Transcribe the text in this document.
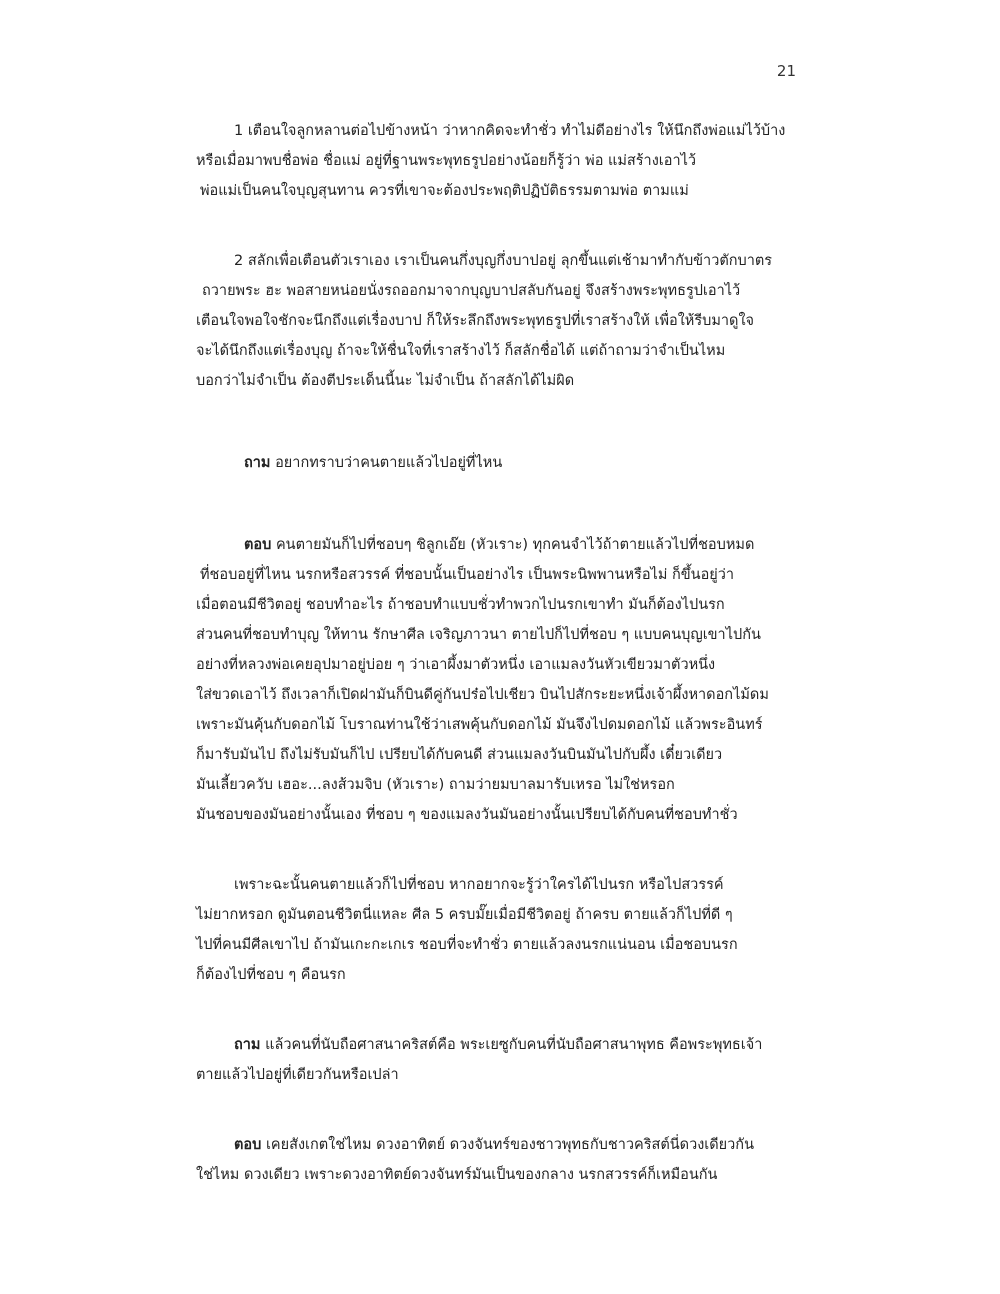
21
1 เตือนใจลูกหลานต่อไปข้างหน้า ว่าหากคิดจะทำชั่ว ทำไม่ดีอย่างไร ให้นึกถึงพ่อแม่ไว้บ้าง
หรือเมื่อมาพบชื่อพ่อ ชื่อแม่ อยู่ที่ฐานพระพุทธรูปอย่างน้อยก็รู้ว่า พ่อ แม่สร้างเอาไว้
พ่อแม่เป็นคนใจบุญสุนทาน ควรที่เขาจะต้องประพฤติปฏิบัติธรรมตามพ่อ ตามแม่
2 สลักเพื่อเตือนตัวเราเอง เราเป็นคนกึ่งบุญกึ่งบาปอยู่ ลุกขึ้นแต่เช้ามาทำกับข้าวตักบาตร
ถวายพระ ฮะ พอสายหน่อยนั่งรถออกมาจากบุญบาปสลับกันอยู่ จึงสร้างพระพุทธรูปเอาไว้
เตือนใจพอใจชักจะนึกถึงแต่เรื่องบาป ก็ให้ระลึกถึงพระพุทธรูปที่เราสร้างให้ เพื่อให้รีบมาดูใจ
จะได้นึกถึงแต่เรื่องบุญ ถ้าจะให้ชื่นใจที่เราสร้างไว้ ก็สลักชื่อได้ แต่ถ้าถามว่าจำเป็นไหม
บอกว่าไม่จำเป็น ต้องตีประเด็นนี้นะ ไม่จำเป็น ถ้าสลักได้ไม่ผิด
ถาม อยากทราบว่าคนตายแล้วไปอยู่ที่ไหน
ตอบ คนตายมันก็ไปที่ชอบๆ ชิลูกเอ๊ย (หัวเราะ) ทุกคนจำไว้ถ้าตายแล้วไปที่ชอบหมด
ที่ชอบอยู่ที่ไหน นรกหรือสวรรค์ ที่ชอบนั้นเป็นอย่างไร เป็นพระนิพพานหรือไม่ ก็ขึ้นอยู่ว่า
เมื่อตอนมีชีวิตอยู่ ชอบทำอะไร ถ้าชอบทำแบบชั่วทำพวกไปนรกเขาทำ มันก็ต้องไปนรก
ส่วนคนที่ชอบทำบุญ ให้ทาน รักษาศีล เจริญภาวนา ตายไปก็ไปที่ชอบ ๆ แบบคนบุญเขาไปกัน
อย่างที่หลวงพ่อเคยอุปมาอยู่บ่อย ๆ ว่าเอาผึ้งมาตัวหนึ่ง เอาแมลงวันหัวเขียวมาตัวหนึ่ง
ใส่ขวดเอาไว้ ถึงเวลาก็เปิดฝามันก็บินดีคู่กันปร๋อไปเชียว บินไปสักระยะหนึ่งเจ้าผึ้งหาดอกไม้ดม
เพราะมันคุ้นกับดอกไม้ โบราณท่านใช้ว่าเสพคุ้นกับดอกไม้ มันจึงไปดมดอกไม้ แล้วพระอินทร์
ก็มารับมันไป ถึงไม่รับมันก็ไป เปรียบได้กับคนดี ส่วนแมลงวันบินมันไปกับผึ้ง เดี๋ยวเดียว
มันเลี้ยวควับ เฮอะ...ลงส้วมจิบ (หัวเราะ) ถามว่ายมบาลมารับเหรอ ไม่ใช่หรอก
มันชอบของมันอย่างนั้นเอง ที่ชอบ ๆ ของแมลงวันมันอย่างนั้นเปรียบได้กับคนที่ชอบทำชั่ว
เพราะฉะนั้นคนตายแล้วก็ไปที่ชอบ หากอยากจะรู้ว่าใครได้ไปนรก หรือไปสวรรค์
ไม่ยากหรอก ดูมันตอนชีวิตนี่แหละ ศีล 5 ครบมั๊ยเมื่อมีชีวิตอยู่ ถ้าครบ ตายแล้วก็ไปที่ดี ๆ
ไปที่คนมีศีลเขาไป ถ้ามันเกะกะเกเร ชอบที่จะทำชั่ว ตายแล้วลงนรกแน่นอน เมื่อชอบนรก
ก็ต้องไปที่ชอบ ๆ คือนรก
ถาม แล้วคนที่นับถือศาสนาคริสต์คือ พระเยซูกับคนที่นับถือศาสนาพุทธ คือพระพุทธเจ้า
ตายแล้วไปอยู่ที่เดียวกันหรือเปล่า
ตอบ เคยสังเกตใช่ไหม ดวงอาทิตย์ ดวงจันทร์ของชาวพุทธกับชาวคริสต์นี่ดวงเดียวกัน
ใช่ไหม ดวงเดียว เพราะดวงอาทิตย์ดวงจันทร์มันเป็นของกลาง นรกสวรรค์ก็เหมือนกัน
